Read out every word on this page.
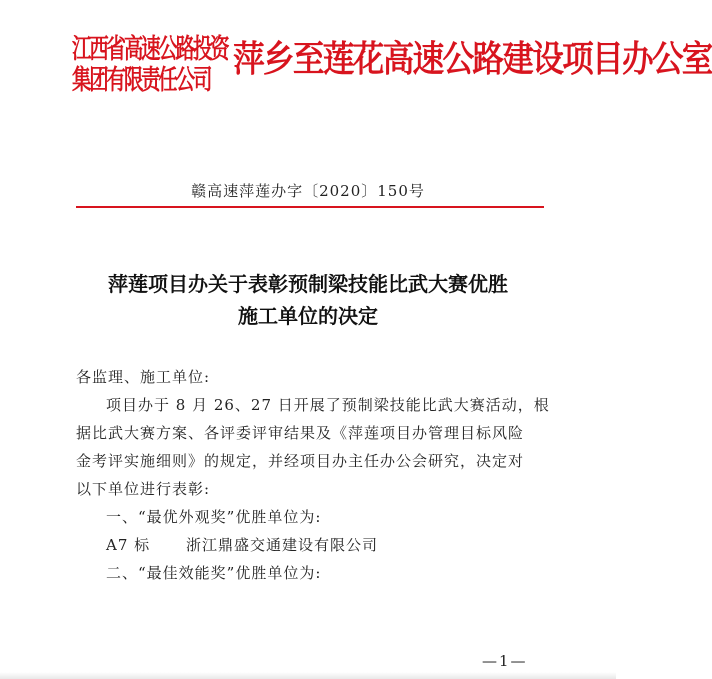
江西省高速公路投资
集团有限责任公司
萍乡至莲花高速公路建设项目办公室
赣高速萍莲办字〔2020〕150号
萍莲项目办关于表彰预制梁技能比武大赛优胜
施工单位的决定

各监理、施工单位:

项目办于 8 月 26、27 日开展了预制梁技能比武大赛活动，根

据比武大赛方案、各评委评审结果及《萍莲项目办管理目标风险

金考评实施细则》的规定，并经项目办主任办公会研究，决定对

以下单位进行表彰:

一、“最优外观奖”优胜单位为:

A7 标 浙江鼎盛交通建设有限公司

二、“最佳效能奖”优胜单位为:

—1—
